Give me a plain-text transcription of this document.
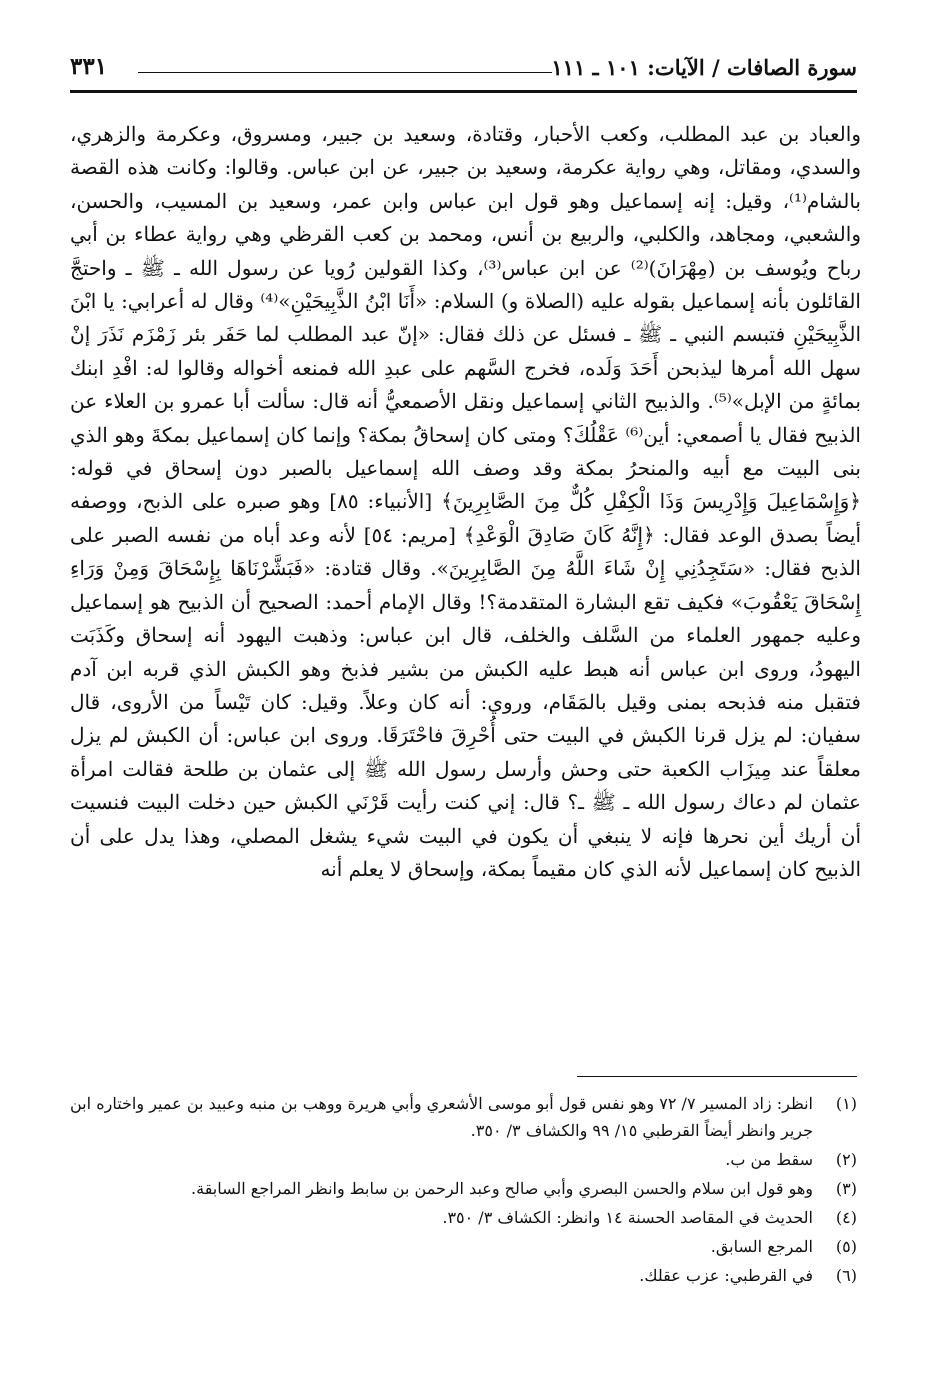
سورة الصافات / الآيات: ١٠١ ـ ١١١
٣٣١

والعباد بن عبد المطلب، وكعب الأحبار، وقتادة، وسعيد بن جبير، ومسروق، وعكرمة والزهري، والسدي، ومقاتل، وهي رواية عكرمة، وسعيد بن جبير، عن ابن عباس. وقالوا: وكانت هذه القصة بالشام⁽¹⁾، وقيل: إنه إسماعيل وهو قول ابن عباس وابن عمر، وسعيد بن المسيب، والحسن، والشعبي، ومجاهد، والكلبي، والربيع بن أنس، ومحمد بن كعب القرظي وهي رواية عطاء بن أبي رباح ويُوسف بن (مِهْرَانَ)⁽²⁾ عن ابن عباس⁽³⁾، وكذا القولين رُويا عن رسول الله ـ ﷺ ـ واحتجَّ القائلون بأنه إسماعيل بقوله عليه (الصلاة و) السلام: «أَنَا ابْنُ الذَّبِيحَيْنِ»⁽⁴⁾ وقال له أعرابي: يا ابْنَ الذَّبِيحَيْنِ فتبسم النبي ـ ﷺ ـ فسئل عن ذلك فقال: «إنّ عبد المطلب لما حَفَر بئر زَمْزَم نَذَرَ إنْ سهل الله أمرها ليذبحن أَحَدَ وَلَده، فخرج السَّهم على عبدِ الله فمنعه أخواله وقالوا له: افْدِ ابنك بمائةٍ من الإبل»⁽⁵⁾. والذبيح الثاني إسماعيل ونقل الأصمعيُّ أنه قال: سألت أبا عمرو بن العلاء عن الذبيح فقال يا أصمعي: أين⁽⁶⁾ عَقْلُكَ؟ ومتى كان إسحاقُ بمكة؟ وإنما كان إسماعيل بمكةَ وهو الذي بنى البيت مع أبيه والمنحرُ بمكة وقد وصف الله إسماعيل بالصبر دون إسحاق في قوله: ﴿وَإِسْمَاعِيلَ وَإِدْرِيسَ وَذَا الْكِفْلِ كُلٌّ مِنَ الصَّابِرِينَ﴾ [الأنبياء: ٨٥] وهو صبره على الذبح، ووصفه أيضاً بصدق الوعد فقال: ﴿إِنَّهُ كَانَ صَادِقَ الْوَعْدِ﴾ [مريم: ٥٤] لأنه وعد أباه من نفسه الصبر على الذبح فقال: «سَتَجِدُنِي إِنْ شَاءَ اللَّهُ مِنَ الصَّابِرِينَ». وقال قتادة: «فَبَشَّرْنَاهَا بِإِسْحَاقَ وَمِنْ وَرَاءِ إِسْحَاقَ يَعْقُوبَ» فكيف تقع البشارة المتقدمة؟! وقال الإمام أحمد: الصحيح أن الذبيح هو إسماعيل وعليه جمهور العلماء من السَّلف والخلف، قال ابن عباس: وذهبت اليهود أنه إسحاق وكَذَبَت اليهودُ، وروى ابن عباس أنه هبط عليه الكبش من بشير فذبخ وهو الكبش الذي قربه ابن آدم فتقبل منه فذبحه بمنى وقيل بالمَقَام، وروي: أنه كان وعلاً. وقيل: كان تَيْساً من الأروى، قال سفيان: لم يزل قرنا الكبش في البيت حتى أُحْرِقَ فاحْتَرَقَا. وروى ابن عباس: أن الكبش لم يزل معلقاً عند مِيزَاب الكعبة حتى وحش وأرسل رسول الله ﷺ إلى عثمان بن طلحة فقالت امرأة عثمان لم دعاك رسول الله ـ ﷺ ـ؟ قال: إني كنت رأيت قَرْنَي الكبش حين دخلت البيت فنسيت أن أريك أين نحرها فإنه لا ينبغي أن يكون في البيت شيء يشغل المصلي، وهذا يدل على أن الذبيح كان إسماعيل لأنه الذي كان مقيماً بمكة، وإسحاق لا يعلم أنه

(١)
انظر: زاد المسير ٧/ ٧٢ وهو نفس قول أبو موسى الأشعري وأبي هريرة ووهب بن منبه وعبيد بن عمير واختاره ابن جرير وانظر أيضاً القرطبي ١٥/ ٩٩ والكشاف ٣/ ٣٥٠.
(٢)
سقط من ب.
(٣)
وهو قول ابن سلام والحسن البصري وأبي صالح وعبد الرحمن بن سابط وانظر المراجع السابقة.
(٤)
الحديث في المقاصد الحسنة ١٤ وانظر: الكشاف ٣/ ٣٥٠.
(٥)
المرجع السابق.
(٦)
في القرطبي: عزب عقلك.
